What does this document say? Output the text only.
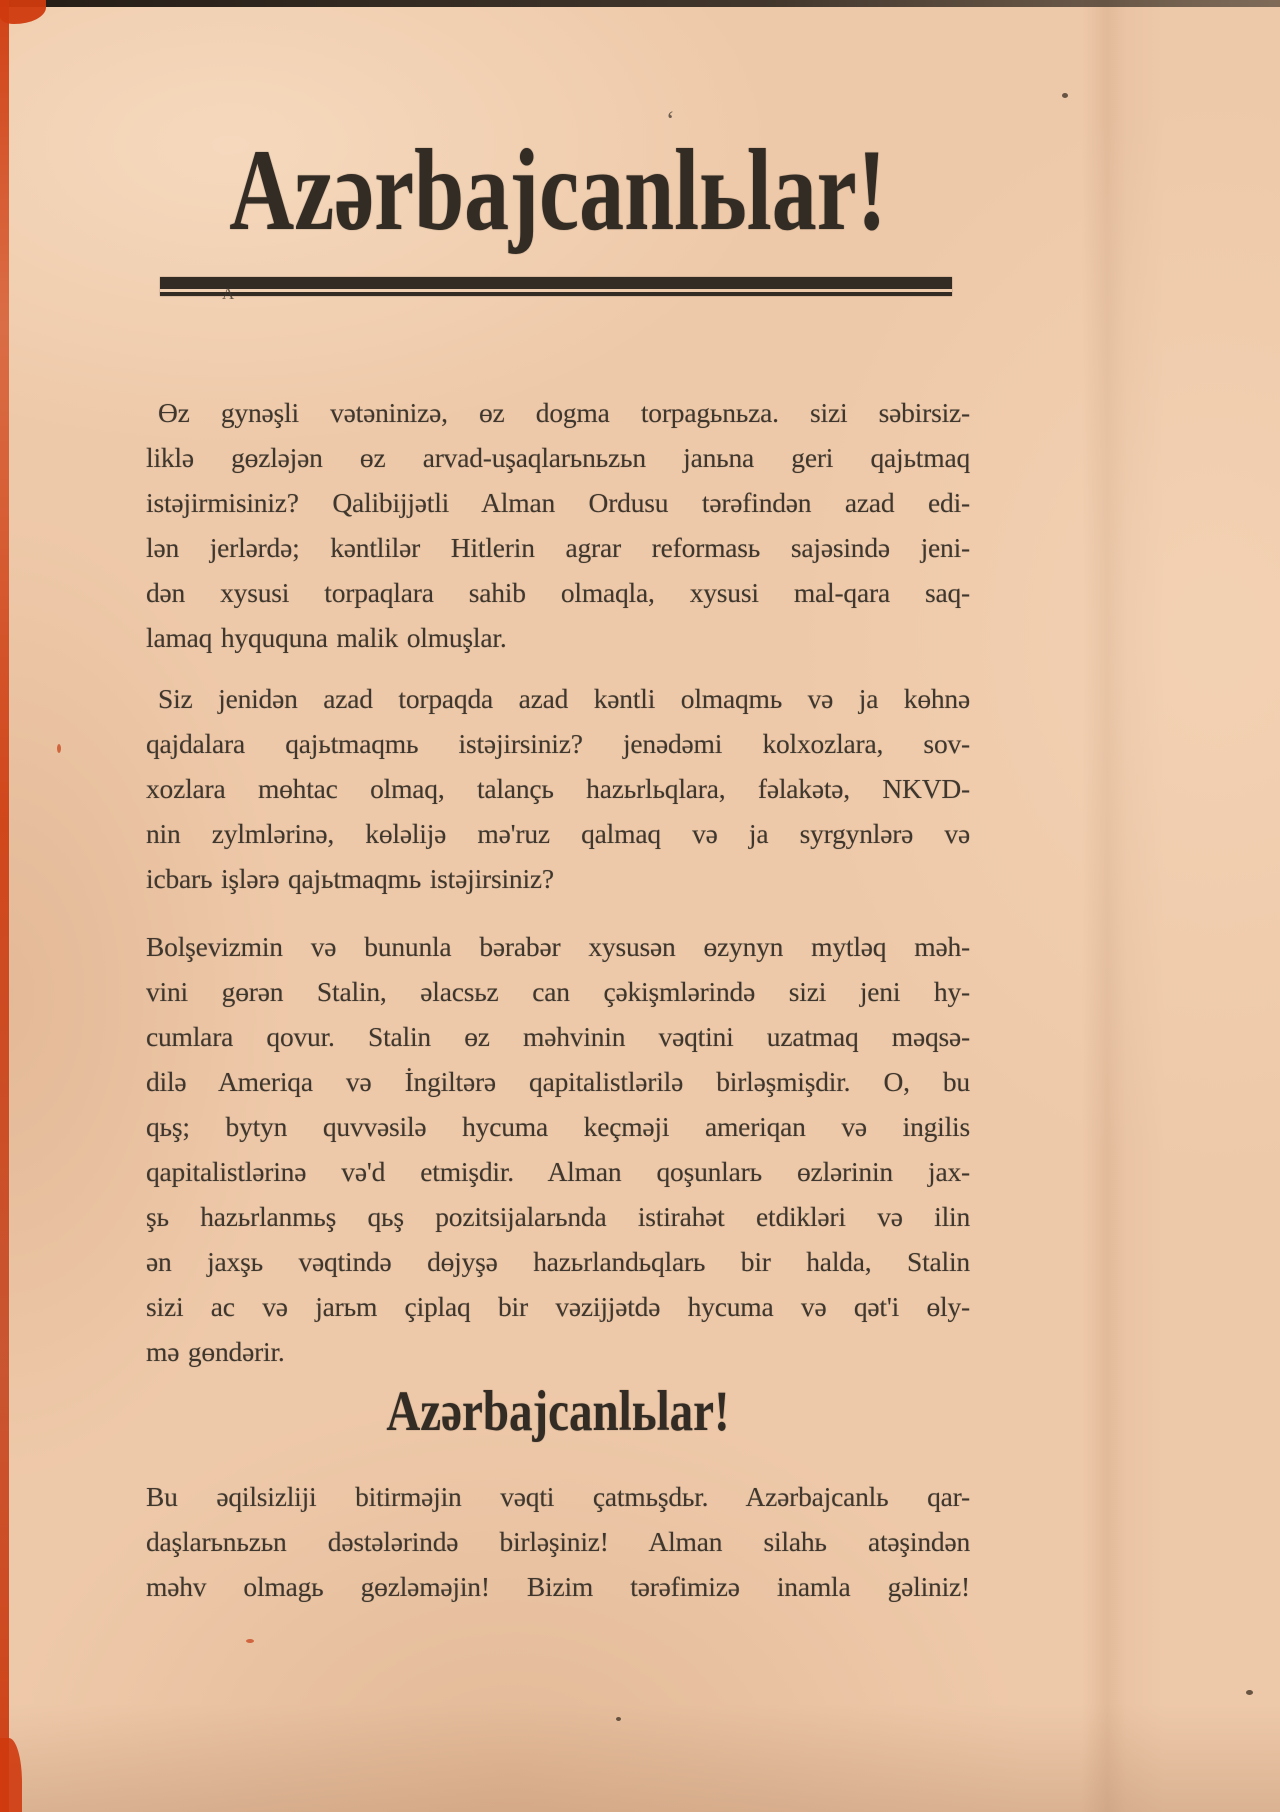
ʻ
Azərbajcanlьlar!
A
Өz gynəşli vətəninizə, өz dogma torpagьnьza. sizi səbirsiz-
liklə gөzləjən өz arvad-uşaqlarьnьzьn janьna geri qajьtmaq
istəjirmisiniz? Qalibijjətli Alman Ordusu tərəfindən azad edi-
lən jerlərdə; kəntlilər Hitlerin agrar reformasь sajəsində jeni-
dən xysusi torpaqlara sahib olmaqla, xysusi mal-qara saq-
lamaq hyququna malik olmuşlar.
Siz jenidən azad torpaqda azad kəntli olmaqmь və ja kөhnə
qajdalara qajьtmaqmь istəjirsiniz? jenədəmi kolxozlara, sov-
xozlara mөhtac olmaq, talançь hazьrlьqlara, fəlakətə, NKVD-
nin zylmlərinə, kөləlijə mə'ruz qalmaq və ja syrgynlərə və
icbarь işlərə qajьtmaqmь istəjirsiniz?
Bolşevizmin və bununla bərabər xysusən өzynyn mytləq məh-
vini gөrən Stalin, əlacsьz can çəkişmlərində sizi jeni hy-
cumlara qovur. Stalin өz məhvinin vəqtini uzatmaq məqsə-
dilə Ameriqa və İngiltərə qapitalistlərilə birləşmişdir. O, bu
qьş; bytyn quvvəsilə hycuma keçməji ameriqan və ingilis
qapitalistlərinə və'd etmişdir. Alman qoşunlarь өzlərinin jax-
şь hazьrlanmьş qьş pozitsijalarьnda istirahət etdikləri və ilin
ən jaxşь vəqtində dөjyşə hazьrlandьqlarь bir halda, Stalin
sizi ac və jarьm çiplaq bir vəzijjətdə hycuma və qət'i өly-
mə gөndərir.
Azərbajcanlьlar!
Bu əqilsizliji bitirməjin vəqti çatmьşdьr. Azərbajcanlь qar-
daşlarьnьzьn dəstələrində birləşiniz! Alman silahь atəşindən
məhv olmagь gөzləməjin! Bizim tərəfimizə inamla gəliniz!
